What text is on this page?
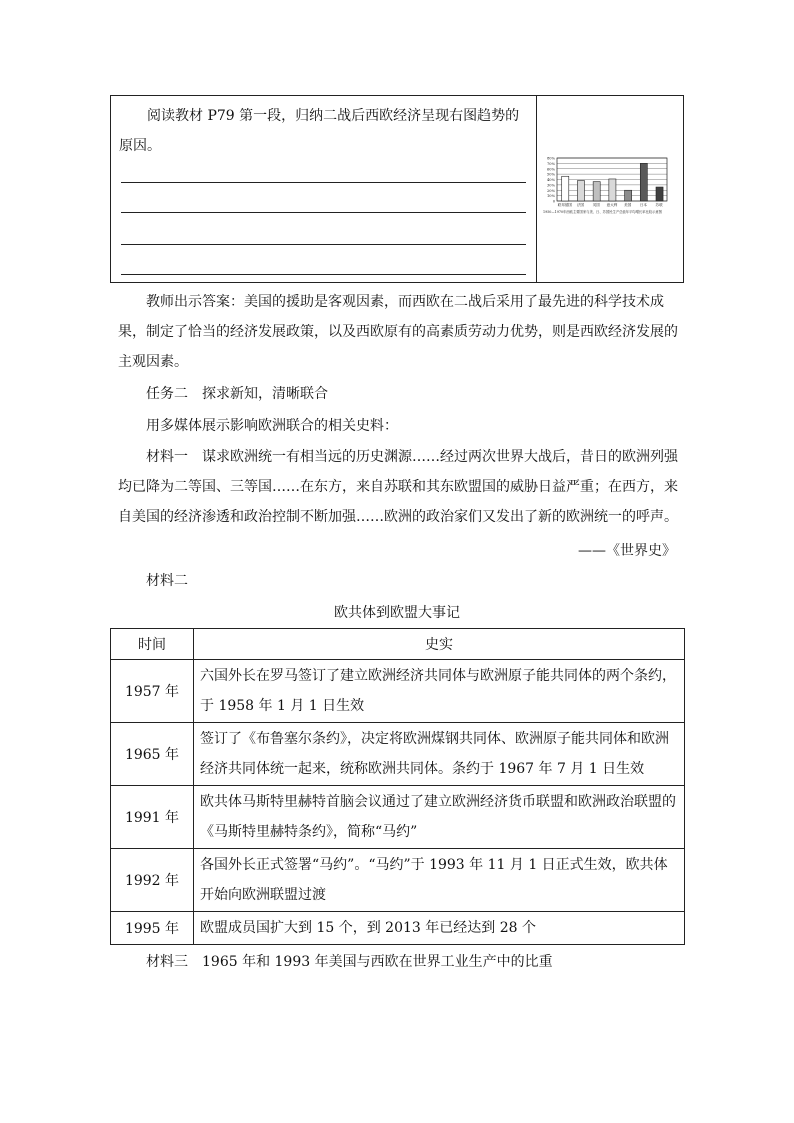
阅读教材 P79 第一段，归纳二战后西欧经济呈现右图趋势的原因。
80%
70%
60%
50%
40%
30%
20%
10%
0
联邦德国 法国 英国 意大利 美国 日本 苏联
1950—1970年西欧主要国家与美、日、苏国民生产总值年平均增长率比较示意图
教师出示答案：美国的援助是客观因素，而西欧在二战后采用了最先进的科学技术成果，制定了恰当的经济发展政策，以及西欧原有的高素质劳动力优势，则是西欧经济发展的主观因素。
任务二　探求新知，清晰联合
用多媒体展示影响欧洲联合的相关史料：
材料一　谋求欧洲统一有相当远的历史渊源……经过两次世界大战后，昔日的欧洲列强均已降为二等国、三等国……在东方，来自苏联和其东欧盟国的威胁日益严重；在西方，来自美国的经济渗透和政治控制不断加强……欧洲的政治家们又发出了新的欧洲统一的呼声。
——《世界史》
材料二
欧共体到欧盟大事记
时间	史实
1957 年	六国外长在罗马签订了建立欧洲经济共同体与欧洲原子能共同体的两个条约，于 1958 年 1 月 1 日生效
1965 年	签订了《布鲁塞尔条约》，决定将欧洲煤钢共同体、欧洲原子能共同体和欧洲经济共同体统一起来，统称欧洲共同体。条约于 1967 年 7 月 1 日生效
1991 年	欧共体马斯特里赫特首脑会议通过了建立欧洲经济货币联盟和欧洲政治联盟的《马斯特里赫特条约》，简称“马约”
1992 年	各国外长正式签署“马约”。“马约”于 1993 年 11 月 1 日正式生效，欧共体开始向欧洲联盟过渡
1995 年	欧盟成员国扩大到 15 个，到 2013 年已经达到 28 个
材料三　1965 年和 1993 年美国与西欧在世界工业生产中的比重
